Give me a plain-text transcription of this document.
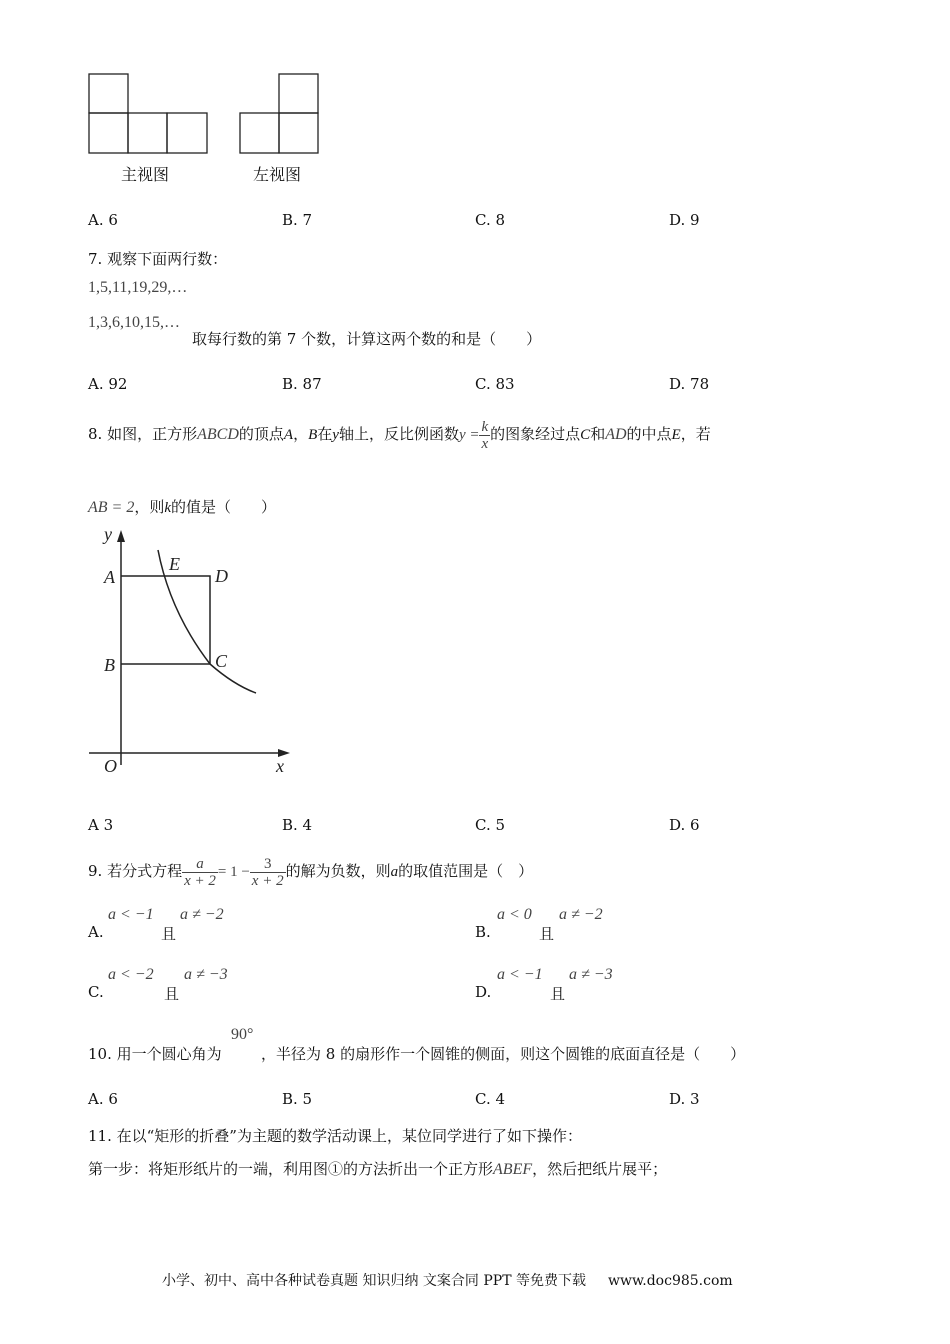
主视图	左视图
A. 6	B. 7	C. 8	D. 9
7. 观察下面两行数：
1,5,11,19,29,…
1,3,6,10,15,…
取每行数的第 7 个数，计算这两个数的和是（　　）
A. 92	B. 87	C. 83	D. 78
8. 如图，正方形ABCD的顶点A，B在y轴上，反比例函数$y = \frac{k}{x}$ 的图象经过点C和AD的中点E，若
AB = 2，则k的值是（　　）
y
x
O
A
B	C
D
E
A 3	B. 4	C. 5	D. 6
9. 若分式方程 $\frac{a}{x + 2} = 1 - \frac{3}{x + 2}$ 的解为负数，则a的取值范围是（　）
A.
a < −1
且
a ≠ −2
B.
a < 0
且
a ≠ −2
C.
a < −2
且
a ≠ −3
D.
a < −1
且
a ≠ −3
10. 用一个圆心角为
90°
，半径为 8 的扇形作一个圆锥的侧面，则这个圆锥的底面直径是（　　）
A. 6	B. 5	C. 4	D. 3
11. 在以“矩形的折叠”为主题的数学活动课上，某位同学进行了如下操作：
第一步：将矩形纸片的一端，利用图①的方法折出一个正方形ABEF，然后把纸片展平；
小学、初中、高中各种试卷真题 知识归纳 文案合同 PPT 等免费下载 www.doc985.com
